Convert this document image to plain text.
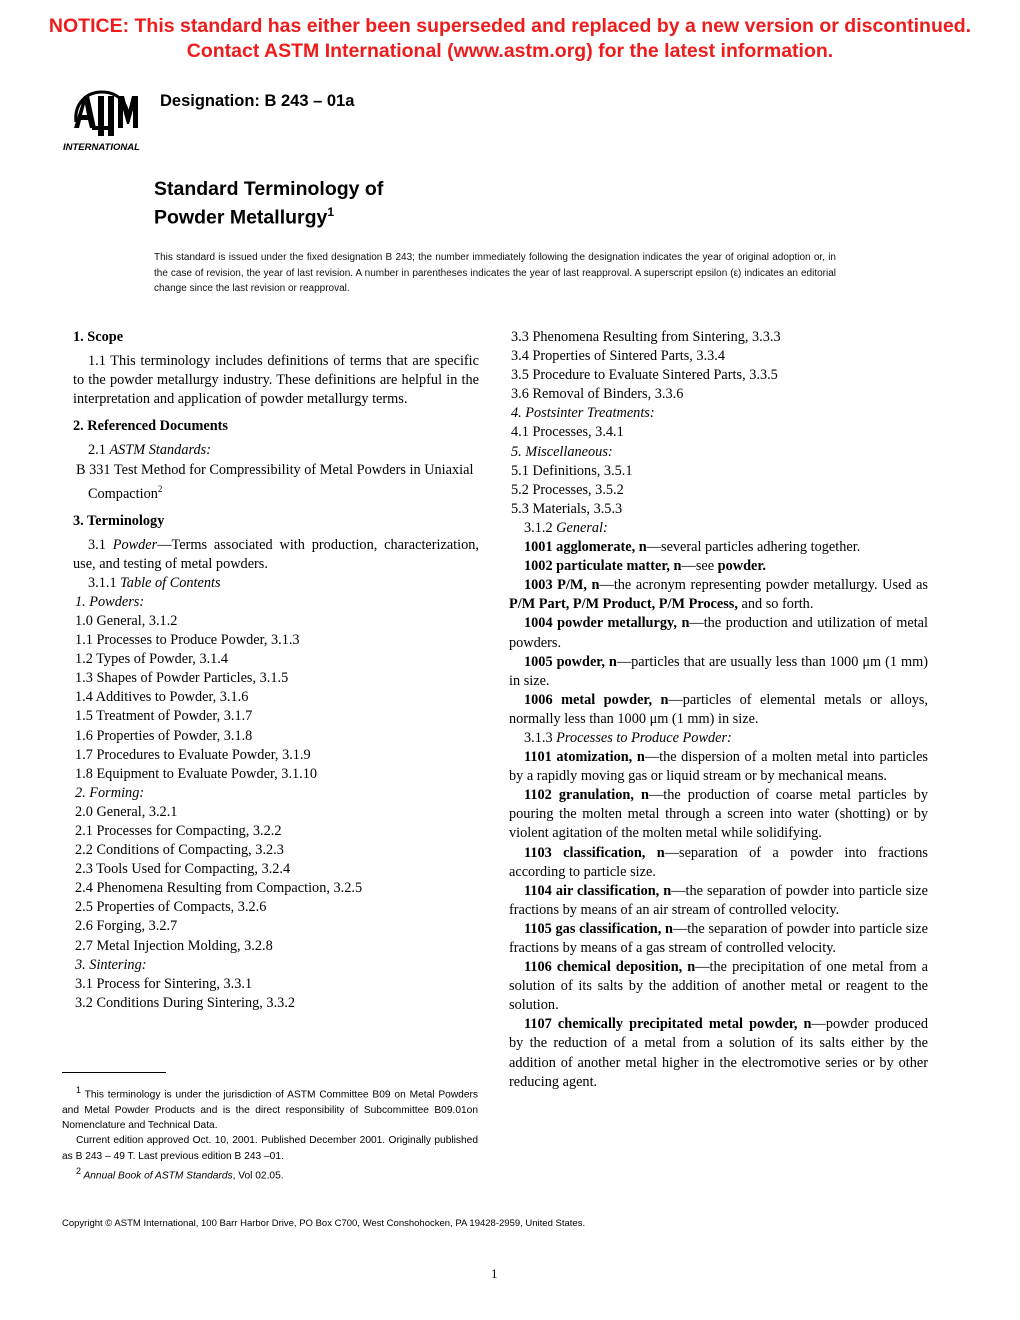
NOTICE: This standard has either been superseded and replaced by a new version or discontinued.
Contact ASTM International (www.astm.org) for the latest information.
INTERNATIONAL
Designation: B 243 – 01a
Standard Terminology of
Powder Metallurgy$^1$
This standard is issued under the fixed designation B 243; the number immediately following the designation indicates the year of original adoption or, in the case of revision, the year of last revision. A number in parentheses indicates the year of last reapproval. A superscript epsilon (ε) indicates an editorial change since the last revision or reapproval.

1. Scope

1.1 This terminology includes definitions of terms that are specific to the powder metallurgy industry. These definitions are helpful in the interpretation and application of powder metallurgy terms.

2. Referenced Documents

2.1 ASTM Standards:

B 331 Test Method for Compressibility of Metal Powders in Uniaxial Compaction$^2$

3. Terminology

3.1 Powder—Terms associated with production, characterization, use, and testing of metal powders.

3.1.1 Table of Contents

1. Powders:

1.0 General, 3.1.2

1.1 Processes to Produce Powder, 3.1.3

1.2 Types of Powder, 3.1.4

1.3 Shapes of Powder Particles, 3.1.5

1.4 Additives to Powder, 3.1.6

1.5 Treatment of Powder, 3.1.7

1.6 Properties of Powder, 3.1.8

1.7 Procedures to Evaluate Powder, 3.1.9

1.8 Equipment to Evaluate Powder, 3.1.10

2. Forming:

2.0 General, 3.2.1

2.1 Processes for Compacting, 3.2.2

2.2 Conditions of Compacting, 3.2.3

2.3 Tools Used for Compacting, 3.2.4

2.4 Phenomena Resulting from Compaction, 3.2.5

2.5 Properties of Compacts, 3.2.6

2.6 Forging, 3.2.7

2.7 Metal Injection Molding, 3.2.8

3. Sintering:

3.1 Process for Sintering, 3.3.1

3.2 Conditions During Sintering, 3.3.2

3.3 Phenomena Resulting from Sintering, 3.3.3

3.4 Properties of Sintered Parts, 3.3.4

3.5 Procedure to Evaluate Sintered Parts, 3.3.5

3.6 Removal of Binders, 3.3.6

4. Postsinter Treatments:

4.1 Processes, 3.4.1

5. Miscellaneous:

5.1 Definitions, 3.5.1

5.2 Processes, 3.5.2

5.3 Materials, 3.5.3

3.1.2 General:

1001 agglomerate, n—several particles adhering together.

1002 particulate matter, n—see powder.

1003 P/M, n—the acronym representing powder metallurgy. Used as P/M Part, P/M Product, P/M Process, and so forth.

1004 powder metallurgy, n—the production and utilization of metal powders.

1005 powder, n—particles that are usually less than 1000 μm (1 mm) in size.

1006 metal powder, n—particles of elemental metals or alloys, normally less than 1000 μm (1 mm) in size.

3.1.3 Processes to Produce Powder:

1101 atomization, n—the dispersion of a molten metal into particles by a rapidly moving gas or liquid stream or by mechanical means.

1102 granulation, n—the production of coarse metal particles by pouring the molten metal through a screen into water (shotting) or by violent agitation of the molten metal while solidifying.

1103 classification, n—separation of a powder into fractions according to particle size.

1104 air classification, n—the separation of powder into particle size fractions by means of an air stream of controlled velocity.

1105 gas classification, n—the separation of powder into particle size fractions by means of a gas stream of controlled velocity.

1106 chemical deposition, n—the precipitation of one metal from a solution of its salts by the addition of another metal or reagent to the solution.

1107 chemically precipitated metal powder, n—powder produced by the reduction of a metal from a solution of its salts either by the addition of another metal higher in the electromotive series or by other reducing agent.

$^1$ This terminology is under the jurisdiction of ASTM Committee B09 on Metal Powders and Metal Powder Products and is the direct responsibility of Subcommittee B09.01on Nomenclature and Technical Data.

Current edition approved Oct. 10, 2001. Published December 2001. Originally published as B 243 – 49 T. Last previous edition B 243 –01.

$^2$ Annual Book of ASTM Standards, Vol 02.05.

Copyright © ASTM International, 100 Barr Harbor Drive, PO Box C700, West Conshohocken, PA 19428-2959, United States.
1
